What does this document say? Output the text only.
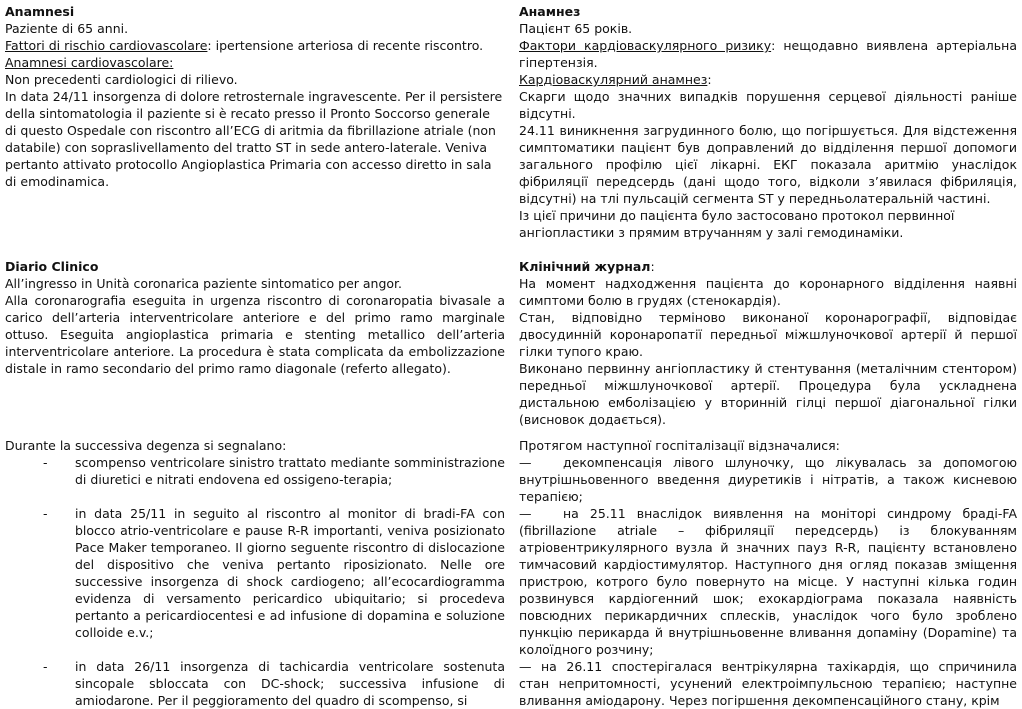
Anamnesi
Paziente di 65 anni.
Fattori di rischio cardiovascolare: ipertensione arteriosa di recente riscontro.
Anamnesi cardiovascolare:
Non precedenti cardiologici di rilievo.
In data 24/11 insorgenza di dolore retrosternale ingravescente. Per il persistere della sintomatologia il paziente si è recato presso il Pronto Soccorso generale di questo Ospedale con riscontro all’ECG di aritmia da fibrillazione atriale (non databile) con sopraslivellamento del tratto ST in sede antero-laterale. Veniva pertanto attivato protocollo Angioplastica Primaria con accesso diretto in sala di emodinamica.
Анамнез
Пацієнт 65 років.
Фактори кардіоваскулярного ризику: нещодавно виявлена артеріальна гіпертензія.
Кардіоваскулярний анамнез:
Скарги щодо значних випадків порушення серцевої діяльності раніше відсутні.
24.11 виникнення загрудинного болю, що погіршується. Для відстеження симптоматики пацієнт був доправлений до відділення першої допомоги загального профілю цієї лікарні. ЕКГ показала аритмію унаслідок фібриляції передсердь (дані щодо того, відколи з’явилася фібриляція, відсутні) на тлі пульсацій сегмента ST у передньолатеральній частині.
Із цієї причини до пацієнта було застосовано протокол первинної ангіопластики з прямим втручанням у залі гемодинаміки.
Diario Clinico
All’ingresso in Unità coronarica paziente sintomatico per angor.
Alla coronarografia eseguita in urgenza riscontro di coronaropatia bivasale a carico dell’arteria interventricolare anteriore e del primo ramo marginale ottuso. Eseguita angioplastica primaria e stenting metallico dell’arteria interventricolare anteriore. La procedura è stata complicata da embolizzazione distale in ramo secondario del primo ramo diagonale (referto allegato).
Клінічний журнал:
На момент надходження пацієнта до коронарного відділення наявні симптоми болю в грудях (стенокардія).
Стан, відповідно терміново виконаної коронарографії, відповідає двосудинній коронаропатії передньої міжшлуночкової артерії й першої гілки тупого краю.
Виконано первинну ангіопластику й стентування (металічним стентором) передньої міжшлуночкової артерії. Процедура була ускладнена дистальною емболізацією у вторинній гілці першої діагональної гілки (висновок додається).
Durante la successiva degenza si segnalano:
- scompenso ventricolare sinistro trattato mediante somministrazione di diuretici e nitrati endovena ed ossigeno-terapia;
- in data 25/11 in seguito al riscontro al monitor di bradi-FA con blocco atrio-ventricolare e pause R-R importanti, veniva posizionato Pace Maker temporaneo. Il giorno seguente riscontro di dislocazione del dispositivo che veniva pertanto riposizionato. Nelle ore successive insorgenza di shock cardiogeno; all’ecocardiogramma evidenza di versamento pericardico ubiquitario; si procedeva pertanto a pericardiocentesi e ad infusione di dopamina e soluzione colloide e.v.;
- in data 26/11 insorgenza di tachicardia ventricolare sostenuta sincopale sbloccata con DC-shock; successiva infusione di amiodarone. Per il peggioramento del quadro di scompenso, si
Протягом наступної госпіталізації відзначалися:
—	декомпенсація лівого шлуночку, що лікувалась за допомогою внутрішньовенного введення диуретиків і нітратів, а також кисневою терапією;
—	на 25.11 внаслідок виявлення на моніторі синдрому браді-FA (fibrillazione atriale – фібриляції передсердь) із блокуванням атріовентрикулярного вузла й значних пауз R-R, пацієнту встановлено тимчасовий кардіостимулятор. Наступного дня огляд показав зміщення пристрою, котрого було повернуто на місце. У наступні кілька годин розвинувся кардіогенний шок; ехокардіограма показала наявність повсюдних перикардичних сплесків, унаслідок чого було зроблено пункцію перикарда й внутрішньовенне вливання допаміну (Dopamine) та колоїдного розчину;
— на 26.11 спостерігалася вентрікулярна тахікардія, що спричинила стан непритомності, усунений електроімпульсною терапією; наступне вливання аміодарону. Через погіршення декомпенсаційного стану, крім
